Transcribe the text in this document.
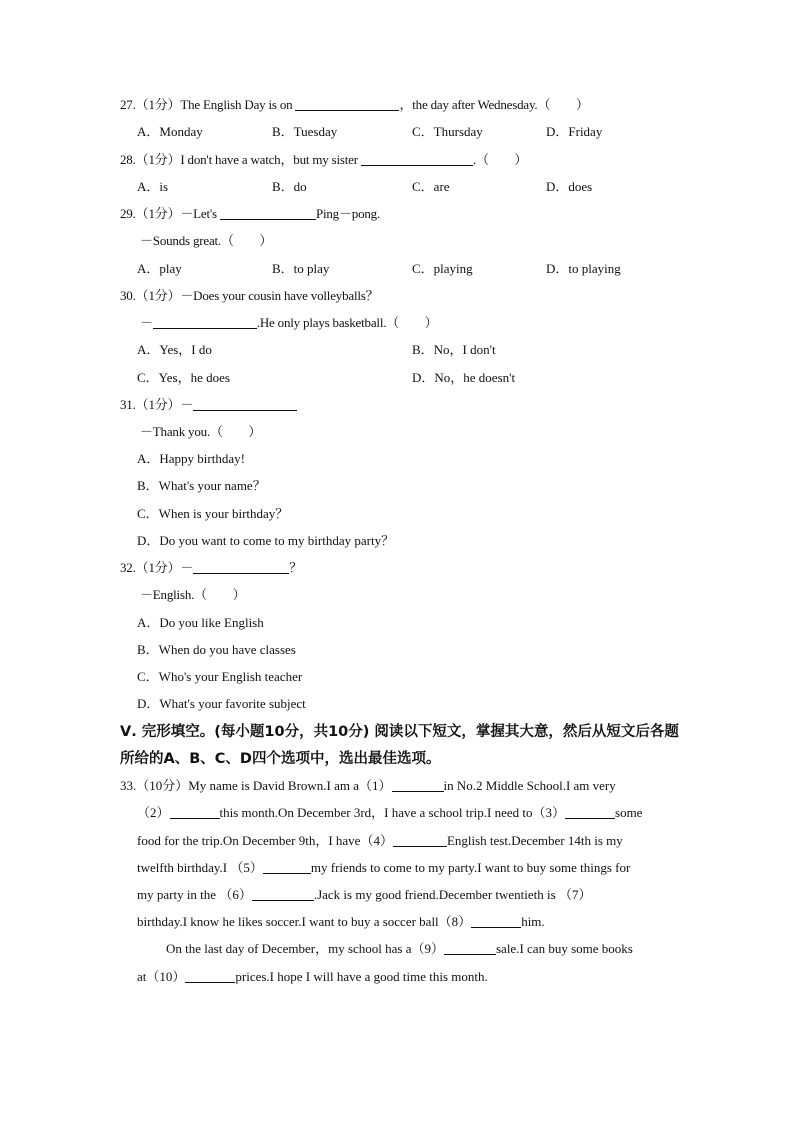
27.（1分）The English Day is on	，the day after Wednesday.（　　）
A．Monday	B．Tuesday	C．Thursday	D．Friday
28.（1分）I don't have a watch，but my sister	.（　　）
A．is	B．do	C．are	D．does
29.（1分）－Let's	Ping－pong.
－Sounds great.（　　）
A．play	B．to play	C．playing	D．to playing
30.（1分）－Does your cousin have volleyballs？
－	.He only plays basketball.（　　）
A．Yes，I do	B．No，I don't
C．Yes，he does	D．No，he doesn't
31.（1分）－
－Thank you.（　　）
A．Happy birthday!
B．What's your name？
C．When is your birthday？
D．Do you want to come to my birthday party？
32.（1分）－	？
－English.（　　）
A．Do you like English
B．When do you have classes
C．Who's your English teacher
D．What's your favorite subject
Ⅴ. 完形填空。(每小题10分，共10分) 阅读以下短文，掌握其大意，然后从短文后各题
所给的A、B、C、D四个选项中，选出最佳选项。
33.（10分）My name is David Brown.I am a（1）	in No.2 Middle School.I am very
（2）	this month.On December 3rd，I have a school trip.I need to（3）	some
food for the trip.On December 9th，I have（4）	English test.December 14th is my
twelfth birthday.I （5）	my friends to come to my party.I want to buy some things for
my party in the （6）	.Jack is my good friend.December twentieth is （7）
birthday.I know he likes soccer.I want to buy a soccer ball（8）	him.
On the last day of December，my school has a（9）	sale.I can buy some books
at（10）	prices.I hope I will have a good time this month.
